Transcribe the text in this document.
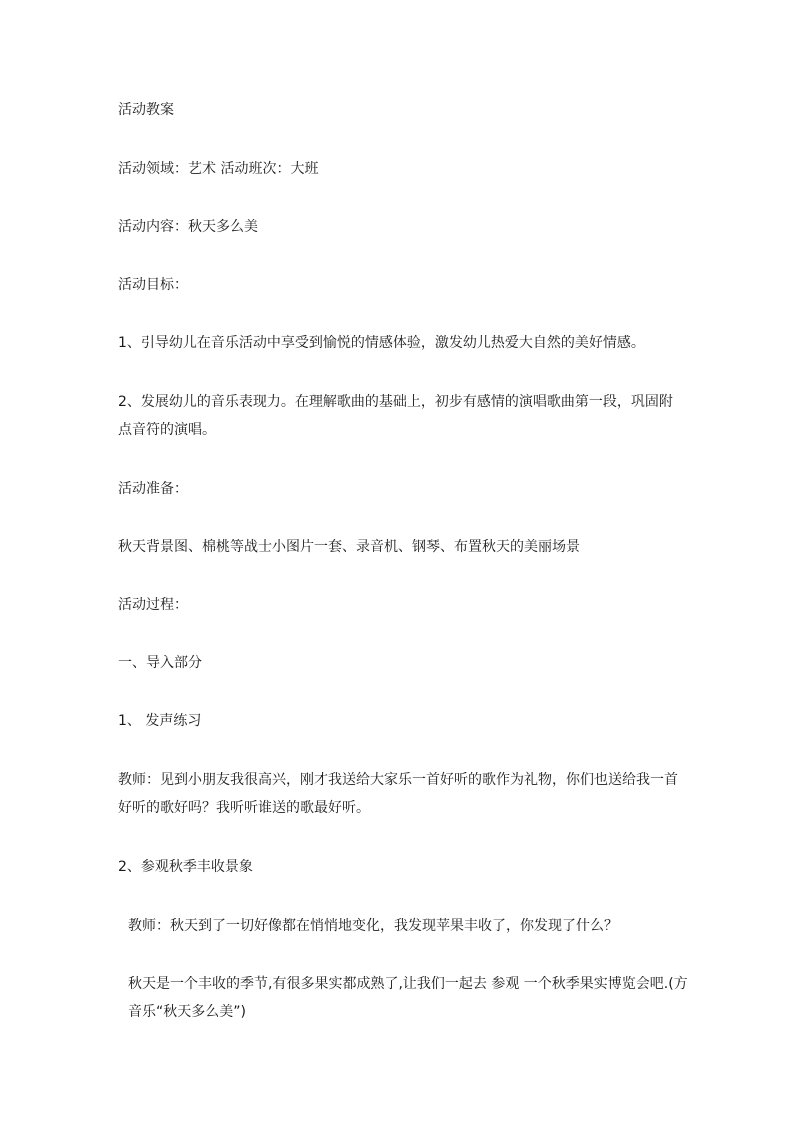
活动教案

活动领域：艺术 活动班次：大班

活动内容：秋天多么美

活动目标：

1、引导幼儿在音乐活动中享受到愉悦的情感体验，激发幼儿热爱大自然的美好情感。

2、发展幼儿的音乐表现力。在理解歌曲的基础上，初步有感情的演唱歌曲第一段，巩固附点音符的演唱。

活动准备：

秋天背景图、棉桃等战士小图片一套、录音机、钢琴、布置秋天的美丽场景

活动过程：

一、导入部分

1、 发声练习

教师：见到小朋友我很高兴，刚才我送给大家乐一首好听的歌作为礼物，你们也送给我一首好听的歌好吗？我听听谁送的歌最好听。

2、参观秋季丰收景象

教师：秋天到了一切好像都在悄悄地变化，我发现苹果丰收了，你发现了什么？

秋天是一个丰收的季节,有很多果实都成熟了,让我们一起去 参观 一个秋季果实博览会吧.(方音乐“秋天多么美”)
